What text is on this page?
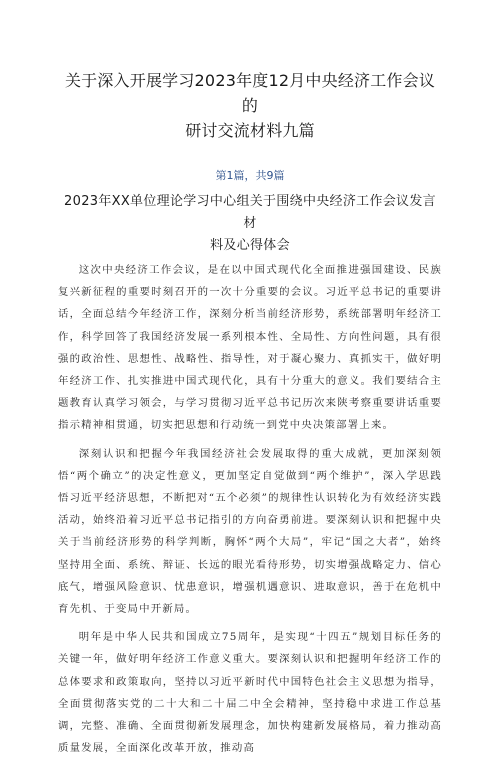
关于深入开展学习2023年度12月中央经济工作会议的
研讨交流材料九篇
第1篇，共9篇
2023年XX单位理论学习中心组关于围绕中央经济工作会议发言材
料及心得体会

这次中央经济工作会议，是在以中国式现代化全面推进强国建设、民族复兴新征程的重要时刻召开的一次十分重要的会议。习近平总书记的重要讲话，全面总结今年经济工作，深刻分析当前经济形势，系统部署明年经济工作，科学回答了我国经济发展一系列根本性、全局性、方向性问题，具有很强的政治性、思想性、战略性、指导性，对于凝心聚力、真抓实干，做好明年经济工作、扎实推进中国式现代化，具有十分重大的意义。我们要结合主题教育认真学习领会，与学习贯彻习近平总书记历次来陕考察重要讲话重要指示精神相贯通，切实把思想和行动统一到党中央决策部署上来。

深刻认识和把握今年我国经济社会发展取得的重大成就，更加深刻领悟“两个确立”的决定性意义，更加坚定自觉做到“两个维护”，深入学思践悟习近平经济思想，不断把对“五个必须”的规律性认识转化为有效经济实践活动，始终沿着习近平总书记指引的方向奋勇前进。要深刻认识和把握中央关于当前经济形势的科学判断，胸怀“两个大局”，牢记“国之大者”，始终坚持用全面、系统、辩证、长远的眼光看待形势，切实增强战略定力、信心底气，增强风险意识、忧患意识，增强机遇意识、进取意识，善于在危机中育先机、于变局中开新局。

明年是中华人民共和国成立75周年，是实现“十四五”规划目标任务的关键一年，做好明年经济工作意义重大。要深刻认识和把握明年经济工作的总体要求和政策取向，坚持以习近平新时代中国特色社会主义思想为指导，全面贯彻落实党的二十大和二十届二中全会精神，坚持稳中求进工作总基调，完整、准确、全面贯彻新发展理念，加快构建新发展格局，着力推动高质量发展，全面深化改革开放，推动高
